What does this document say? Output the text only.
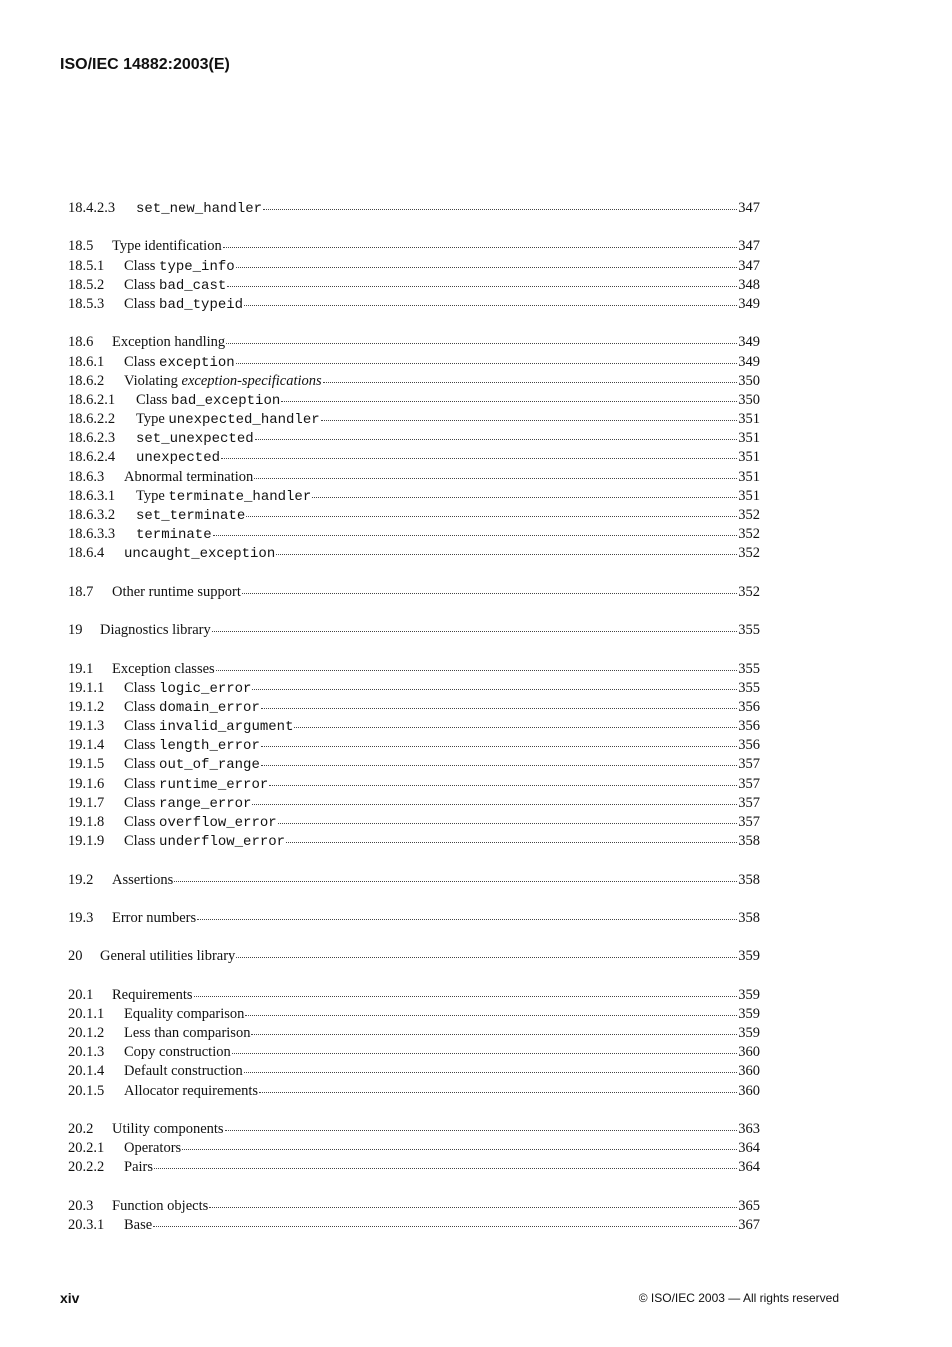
ISO/IEC 14882:2003(E)
18.4.2.3	set_new_handler	347
18.5	Type identification	347
18.5.1	Class type_info	347
18.5.2	Class bad_cast	348
18.5.3	Class bad_typeid	349
18.6	Exception handling	349
18.6.1	Class exception	349
18.6.2	Violating exception-specifications	350
18.6.2.1	Class bad_exception	350
18.6.2.2	Type unexpected_handler	351
18.6.2.3	set_unexpected	351
18.6.2.4	unexpected	351
18.6.3	Abnormal termination	351
18.6.3.1	Type terminate_handler	351
18.6.3.2	set_terminate	352
18.6.3.3	terminate	352
18.6.4	uncaught_exception	352
18.7	Other runtime support	352
19	Diagnostics library	355
19.1	Exception classes	355
19.1.1	Class logic_error	355
19.1.2	Class domain_error	356
19.1.3	Class invalid_argument	356
19.1.4	Class length_error	356
19.1.5	Class out_of_range	357
19.1.6	Class runtime_error	357
19.1.7	Class range_error	357
19.1.8	Class overflow_error	357
19.1.9	Class underflow_error	358
19.2	Assertions	358
19.3	Error numbers	358
20	General utilities library	359
20.1	Requirements	359
20.1.1	Equality comparison	359
20.1.2	Less than comparison	359
20.1.3	Copy construction	360
20.1.4	Default construction	360
20.1.5	Allocator requirements	360
20.2	Utility components	363
20.2.1	Operators	364
20.2.2	Pairs	364
20.3	Function objects	365
20.3.1	Base	367
xiv	© ISO/IEC 2003 — All rights reserved
